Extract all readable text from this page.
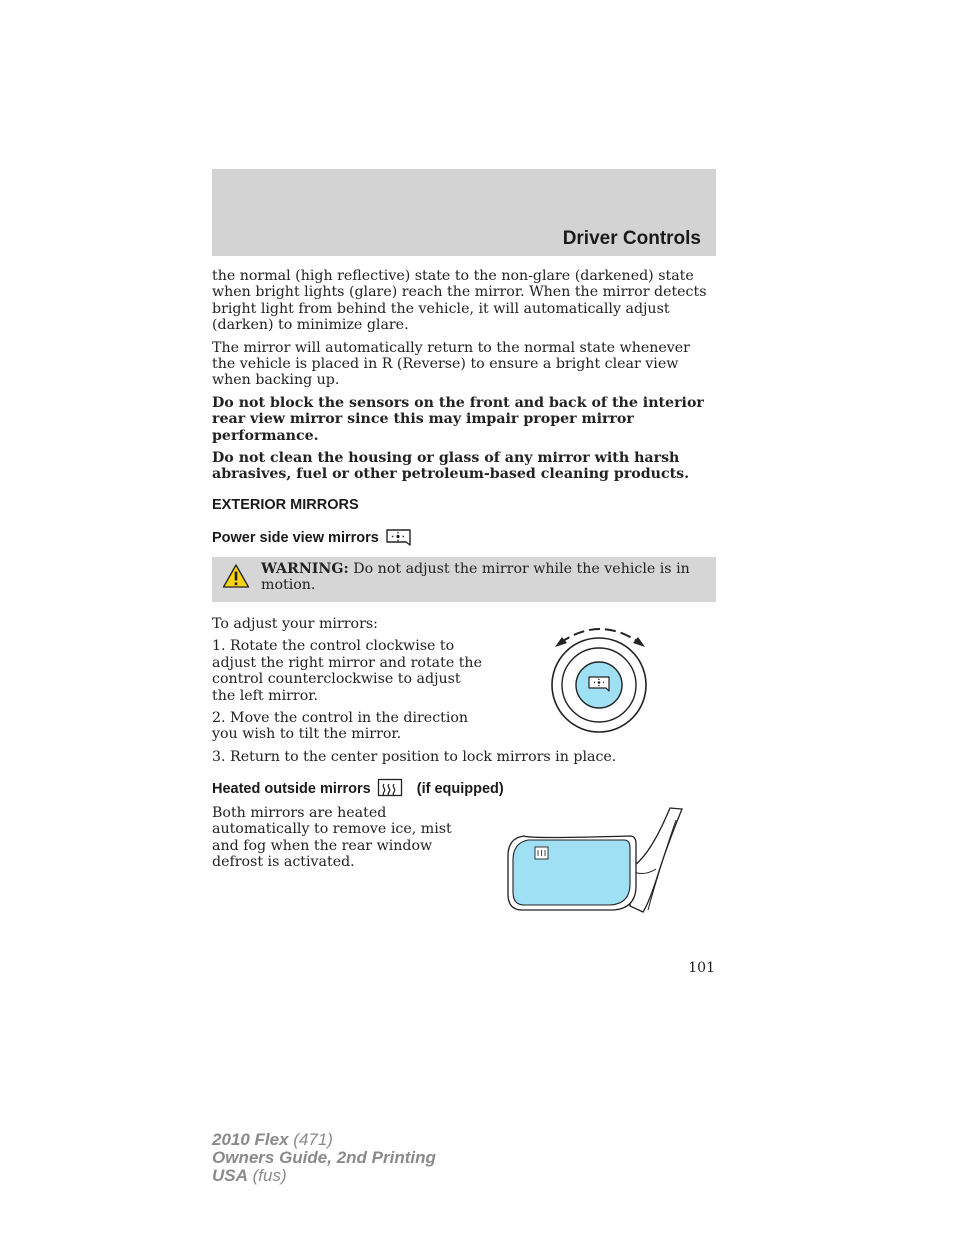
Driver Controls

the normal (high reflective) state to the non-glare (darkened) state when bright lights (glare) reach the mirror. When the mirror detects bright light from behind the vehicle, it will automatically adjust (darken) to minimize glare.

The mirror will automatically return to the normal state whenever the vehicle is placed in R (Reverse) to ensure a bright clear view when backing up.

Do not block the sensors on the front and back of the interior rear view mirror since this may impair proper mirror performance.

Do not clean the housing or glass of any mirror with harsh abrasives, fuel or other petroleum-based cleaning products.

EXTERIOR MIRRORS
Power side view mirrors
WARNING: Do not adjust the mirror while the vehicle is in motion.

To adjust your mirrors:

1. Rotate the control clockwise to adjust the right mirror and rotate the control counterclockwise to adjust the left mirror.

2. Move the control in the direction you wish to tilt the mirror.

3. Return to the center position to lock mirrors in place.

Heated outside mirrors	(if equipped)

Both mirrors are heated automatically to remove ice, mist and fog when the rear window defrost is activated.

101
2010 Flex (471)
Owners Guide, 2nd Printing
USA (fus)
